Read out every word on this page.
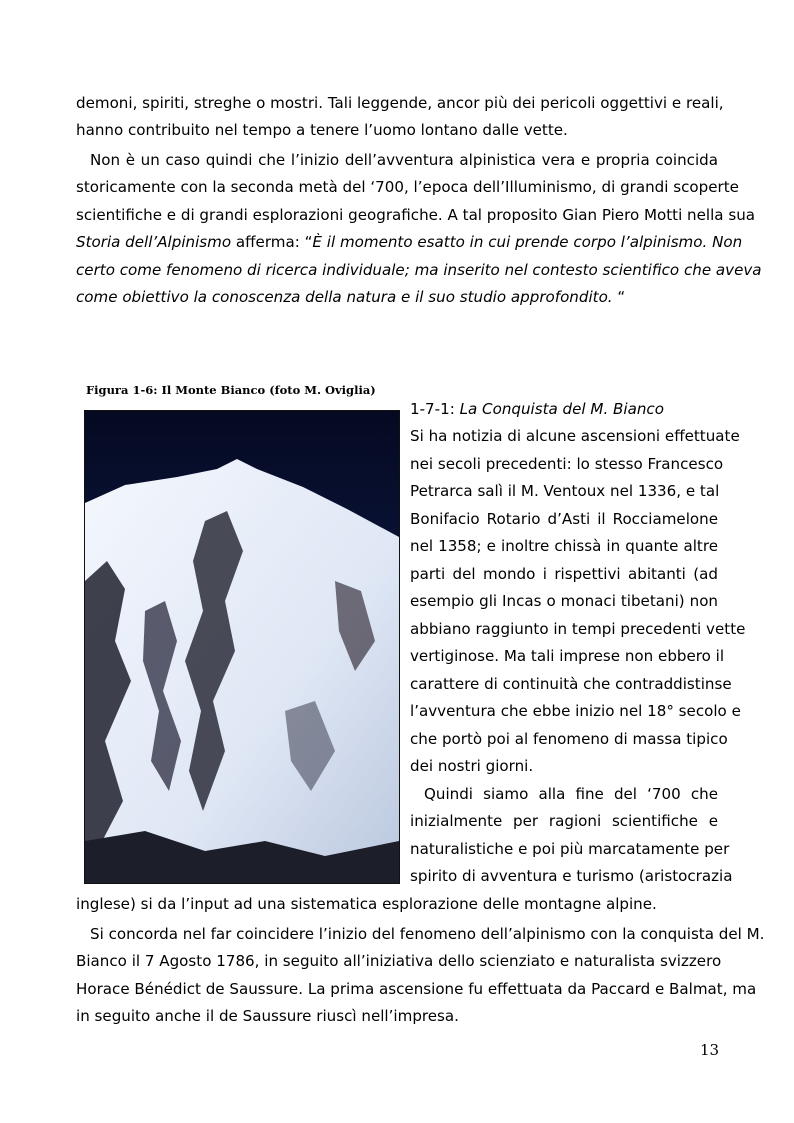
demoni, spiriti, streghe o mostri. Tali leggende, ancor più dei pericoli oggettivi e reali,
hanno contribuito nel tempo a tenere l’uomo lontano dalle vette.
Non è un caso quindi che l’inizio dell’avventura alpinistica vera e propria coincida
storicamente con la seconda metà del ‘700, l’epoca dell’Illuminismo, di grandi scoperte
scientifiche e di grandi esplorazioni geografiche. A tal proposito Gian Piero Motti nella sua
Storia dell’Alpinismo afferma: “È il momento esatto in cui prende corpo l’alpinismo. Non
certo come fenomeno di ricerca individuale; ma inserito nel contesto scientifico che aveva
come obiettivo la conoscenza della natura e il suo studio approfondito. “
Figura 1-6: Il Monte Bianco (foto M. Oviglia)
1-7-1: La Conquista del M. Bianco
Si ha notizia di alcune ascensioni effettuate
nei secoli precedenti: lo stesso Francesco
Petrarca salì il M. Ventoux nel 1336, e tal
Bonifacio Rotario d’Asti il Rocciamelone
nel 1358; e inoltre chissà in quante altre
parti del mondo i rispettivi abitanti (ad
esempio gli Incas o monaci tibetani) non
abbiano raggiunto in tempi precedenti vette
vertiginose. Ma tali imprese non ebbero il
carattere di continuità che contraddistinse
l’avventura che ebbe inizio nel 18° secolo e
che portò poi al fenomeno di massa tipico
dei nostri giorni.
Quindi siamo alla fine del ‘700 che
inizialmente per ragioni scientifiche e
naturalistiche e poi più marcatamente per
spirito di avventura e turismo (aristocrazia
inglese) si da l’input ad una sistematica esplorazione delle montagne alpine.
Si concorda nel far coincidere l’inizio del fenomeno dell’alpinismo con la conquista del M.
Bianco il 7 Agosto 1786, in seguito all’iniziativa dello scienziato e naturalista svizzero
Horace Bénédict de Saussure. La prima ascensione fu effettuata da Paccard e Balmat, ma
in seguito anche il de Saussure riuscì nell’impresa.
13
